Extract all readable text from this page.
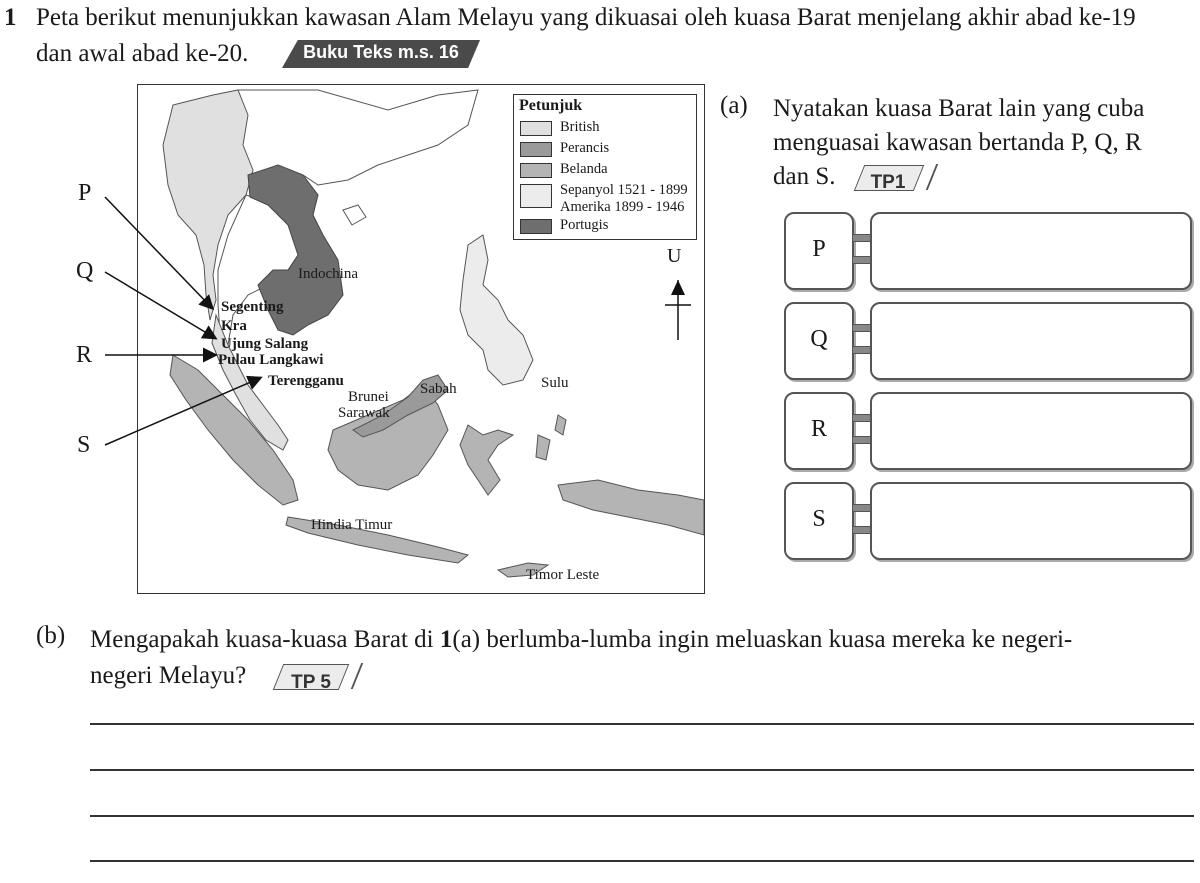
1 Peta berikut menunjukkan kawasan Alam Melayu yang dikuasai oleh kuasa Barat menjelang akhir abad ke-19
dan awal abad ke-20.	Buku Teks m.s. 16
U
Indochina
Segenting
Kra
Ujung Salang
Pulau Langkawi
Terengganu
Brunei
Sarawak
Sabah	Sulu
Hindia Timur
Timor Leste
Petunjuk
British
Perancis
Belanda
Sepanyol 1521 - 1899
Amerika 1899 - 1946
Portugis
P
Q
R
S
(a) Nyatakan kuasa Barat lain yang cuba
menguasai kawasan bertanda P, Q, R
dan S.	TP1
P
Q
R
S
(b) Mengapakah kuasa-kuasa Barat di 1(a) berlumba-lumba ingin meluaskan kuasa mereka ke negeri-
negeri Melayu?	TP 5
